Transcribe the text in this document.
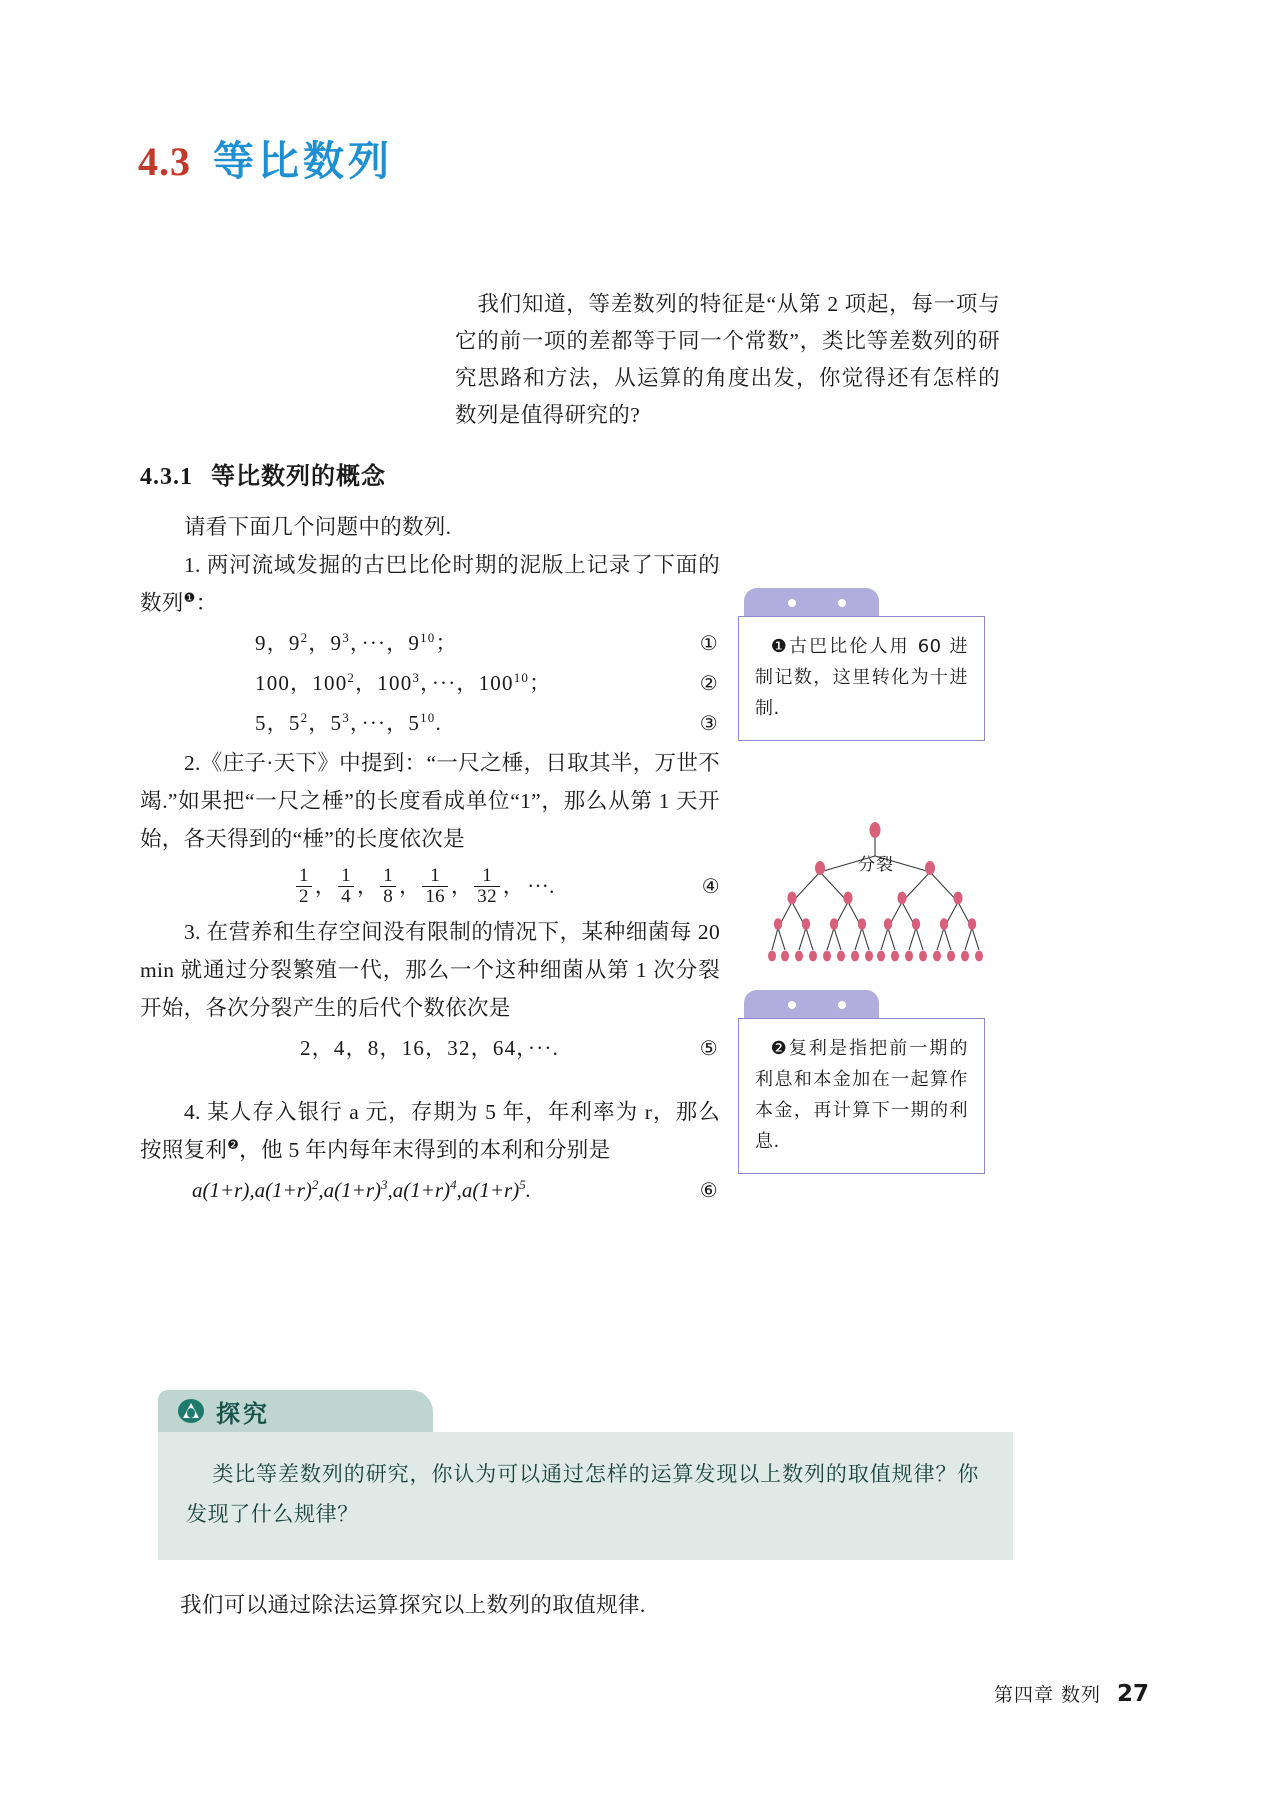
4.3 等比数列
我们知道，等差数列的特征是“从第 2 项起，每一项与它的前一项的差都等于同一个常数”，类比等差数列的研究思路和方法，从运算的角度出发，你觉得还有怎样的数列是值得研究的?
4.3.1 等比数列的概念

请看下面几个问题中的数列.

1. 两河流域发掘的古巴比伦时期的泥版上记录了下面的数列$^❶$：

9，$9^2$，$9^3$，···，$9^{10}$；	①
100，$100^2$，$100^3$，···，$100^{10}$；	②
5，$5^2$，$5^3$，···，$5^{10}$.	③

2.《庄子·天下》中提到：“一尺之棰，日取其半，万世不竭.”如果把“一尺之棰”的长度看成单位“1”，那么从第 1 天开始，各天得到的“棰”的长度依次是

$\frac{1}{2}$ ， $\frac{1}{4}$ ， $\frac{1}{8}$ ， $\frac{1}{16}$ ， $\frac{1}{32}$ ， ···.	④

3. 在营养和生存空间没有限制的情况下，某种细菌每 20 min 就通过分裂繁殖一代，那么一个这种细菌从第 1 次分裂开始，各次分裂产生的后代个数依次是

2，4，8，16，32，64，···.	⑤

4. 某人存入银行 a 元，存期为 5 年，年利率为 r，那么按照复利$^❷$，他 5 年内每年末得到的本利和分别是

$a(1+r),a(1+r)^2,a(1+r)^3,a(1+r)^4,a(1+r)^5$.	⑥
❶古巴比伦人用 60 进制记数，这里转化为十进制.
分裂
❷复利是指把前一期的利息和本金加在一起算作本金，再计算下一期的利息.
探究
类比等差数列的研究，你认为可以通过怎样的运算发现以上数列的取值规律？你发现了什么规律？
我们可以通过除法运算探究以上数列的取值规律.
第四章 数列 27
